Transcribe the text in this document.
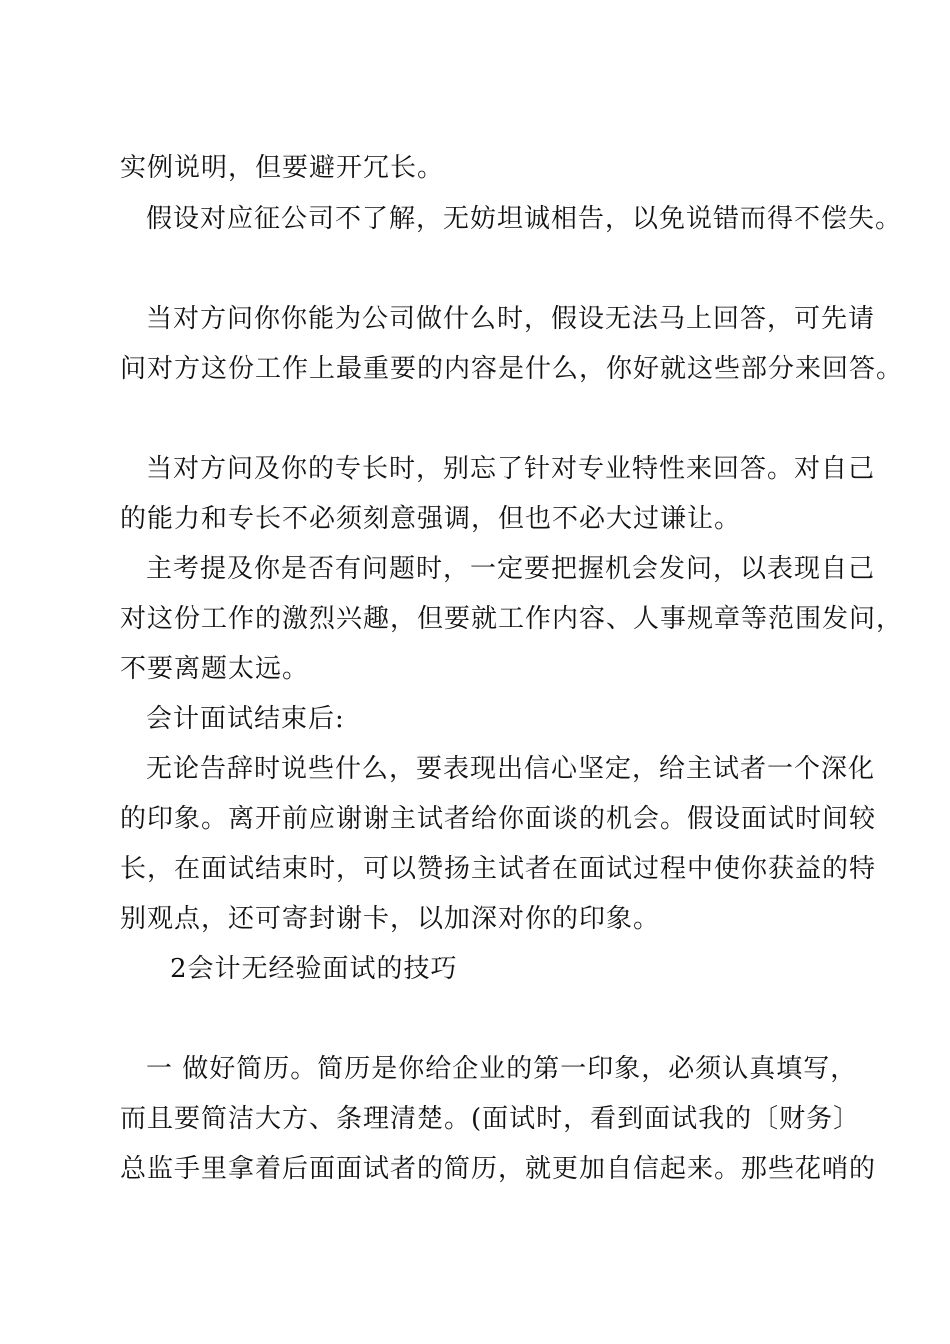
实例说明，但要避开冗长。
假设对应征公司不了解，无妨坦诚相告，以免说错而得不偿失。
当对方问你你能为公司做什么时，假设无法马上回答，可先请
问对方这份工作上最重要的内容是什么，你好就这些部分来回答。
当对方问及你的专长时，别忘了针对专业特性来回答。对自己
的能力和专长不必须刻意强调，但也不必大过谦让。
主考提及你是否有问题时，一定要把握机会发问，以表现自己
对这份工作的激烈兴趣，但要就工作内容、人事规章等范围发问，
不要离题太远。
会计面试结束后:
无论告辞时说些什么，要表现出信心坚定，给主试者一个深化
的印象。离开前应谢谢主试者给你面谈的机会。假设面试时间较
长，在面试结束时，可以赞扬主试者在面试过程中使你获益的特
别观点，还可寄封谢卡，以加深对你的印象。
2会计无经验面试的技巧
一 做好简历。简历是你给企业的第一印象，必须认真填写，
而且要简洁大方、条理清楚。(面试时，看到面试我的〔财务〕
总监手里拿着后面面试者的简历，就更加自信起来。那些花哨的
